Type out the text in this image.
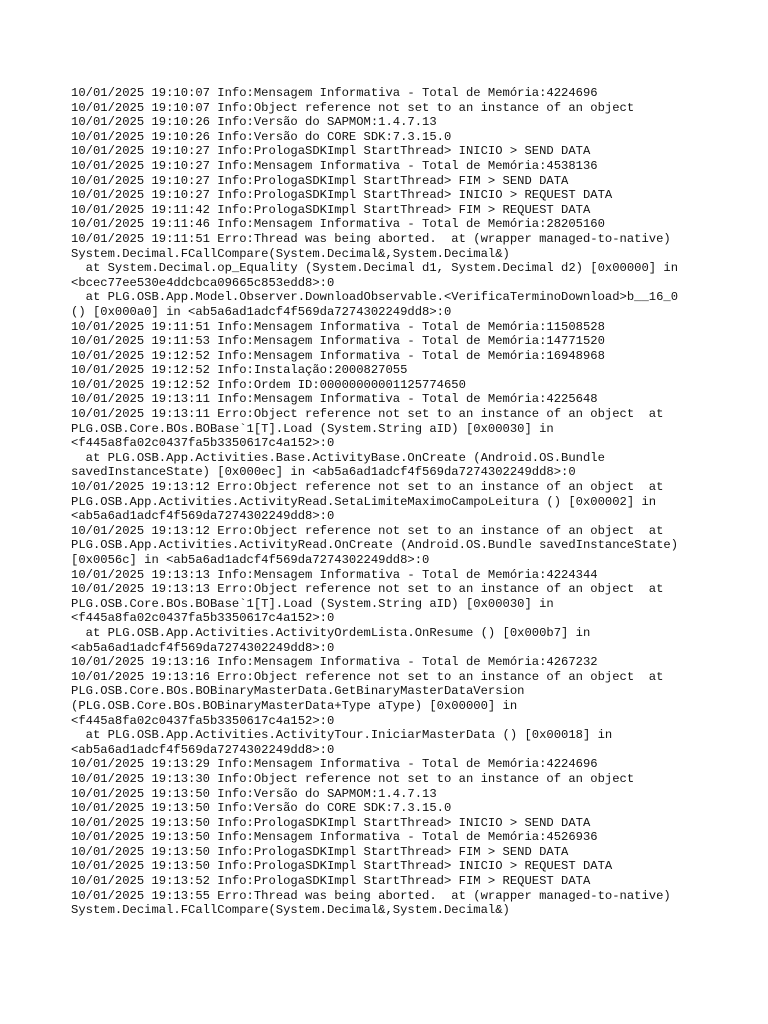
10/01/2025 19:10:07 Info:Mensagem Informativa - Total de Memória:4224696
10/01/2025 19:10:07 Info:Object reference not set to an instance of an object
10/01/2025 19:10:26 Info:Versão do SAPMOM:1.4.7.13
10/01/2025 19:10:26 Info:Versão do CORE SDK:7.3.15.0
10/01/2025 19:10:27 Info:PrologaSDKImpl StartThread> INICIO > SEND DATA
10/01/2025 19:10:27 Info:Mensagem Informativa - Total de Memória:4538136
10/01/2025 19:10:27 Info:PrologaSDKImpl StartThread> FIM > SEND DATA
10/01/2025 19:10:27 Info:PrologaSDKImpl StartThread> INICIO > REQUEST DATA
10/01/2025 19:11:42 Info:PrologaSDKImpl StartThread> FIM > REQUEST DATA
10/01/2025 19:11:46 Info:Mensagem Informativa - Total de Memória:28205160
10/01/2025 19:11:51 Erro:Thread was being aborted.  at (wrapper managed-to-native)
System.Decimal.FCallCompare(System.Decimal&,System.Decimal&)
at System.Decimal.op_Equality (System.Decimal d1, System.Decimal d2) [0x00000] in
<bcec77ee530e4ddcbca09665c853edd8>:0
at PLG.OSB.App.Model.Observer.DownloadObservable.<VerificaTerminoDownload>b__16_0
() [0x000a0] in <ab5a6ad1adcf4f569da7274302249dd8>:0
10/01/2025 19:11:51 Info:Mensagem Informativa - Total de Memória:11508528
10/01/2025 19:11:53 Info:Mensagem Informativa - Total de Memória:14771520
10/01/2025 19:12:52 Info:Mensagem Informativa - Total de Memória:16948968
10/01/2025 19:12:52 Info:Instalação:2000827055
10/01/2025 19:12:52 Info:Ordem ID:00000000001125774650
10/01/2025 19:13:11 Info:Mensagem Informativa - Total de Memória:4225648
10/01/2025 19:13:11 Erro:Object reference not set to an instance of an object  at
PLG.OSB.Core.BOs.BOBase`1[T].Load (System.String aID) [0x00030] in
<f445a8fa02c0437fa5b3350617c4a152>:0
at PLG.OSB.App.Activities.Base.ActivityBase.OnCreate (Android.OS.Bundle
savedInstanceState) [0x000ec] in <ab5a6ad1adcf4f569da7274302249dd8>:0
10/01/2025 19:13:12 Erro:Object reference not set to an instance of an object  at
PLG.OSB.App.Activities.ActivityRead.SetaLimiteMaximoCampoLeitura () [0x00002] in
<ab5a6ad1adcf4f569da7274302249dd8>:0
10/01/2025 19:13:12 Erro:Object reference not set to an instance of an object  at
PLG.OSB.App.Activities.ActivityRead.OnCreate (Android.OS.Bundle savedInstanceState)
[0x0056c] in <ab5a6ad1adcf4f569da7274302249dd8>:0
10/01/2025 19:13:13 Info:Mensagem Informativa - Total de Memória:4224344
10/01/2025 19:13:13 Erro:Object reference not set to an instance of an object  at
PLG.OSB.Core.BOs.BOBase`1[T].Load (System.String aID) [0x00030] in
<f445a8fa02c0437fa5b3350617c4a152>:0
at PLG.OSB.App.Activities.ActivityOrdemLista.OnResume () [0x000b7] in
<ab5a6ad1adcf4f569da7274302249dd8>:0
10/01/2025 19:13:16 Info:Mensagem Informativa - Total de Memória:4267232
10/01/2025 19:13:16 Erro:Object reference not set to an instance of an object  at
PLG.OSB.Core.BOs.BOBinaryMasterData.GetBinaryMasterDataVersion
(PLG.OSB.Core.BOs.BOBinaryMasterData+Type aType) [0x00000] in
<f445a8fa02c0437fa5b3350617c4a152>:0
at PLG.OSB.App.Activities.ActivityTour.IniciarMasterData () [0x00018] in
<ab5a6ad1adcf4f569da7274302249dd8>:0
10/01/2025 19:13:29 Info:Mensagem Informativa - Total de Memória:4224696
10/01/2025 19:13:30 Info:Object reference not set to an instance of an object
10/01/2025 19:13:50 Info:Versão do SAPMOM:1.4.7.13
10/01/2025 19:13:50 Info:Versão do CORE SDK:7.3.15.0
10/01/2025 19:13:50 Info:PrologaSDKImpl StartThread> INICIO > SEND DATA
10/01/2025 19:13:50 Info:Mensagem Informativa - Total de Memória:4526936
10/01/2025 19:13:50 Info:PrologaSDKImpl StartThread> FIM > SEND DATA
10/01/2025 19:13:50 Info:PrologaSDKImpl StartThread> INICIO > REQUEST DATA
10/01/2025 19:13:52 Info:PrologaSDKImpl StartThread> FIM > REQUEST DATA
10/01/2025 19:13:55 Erro:Thread was being aborted.  at (wrapper managed-to-native)
System.Decimal.FCallCompare(System.Decimal&,System.Decimal&)
